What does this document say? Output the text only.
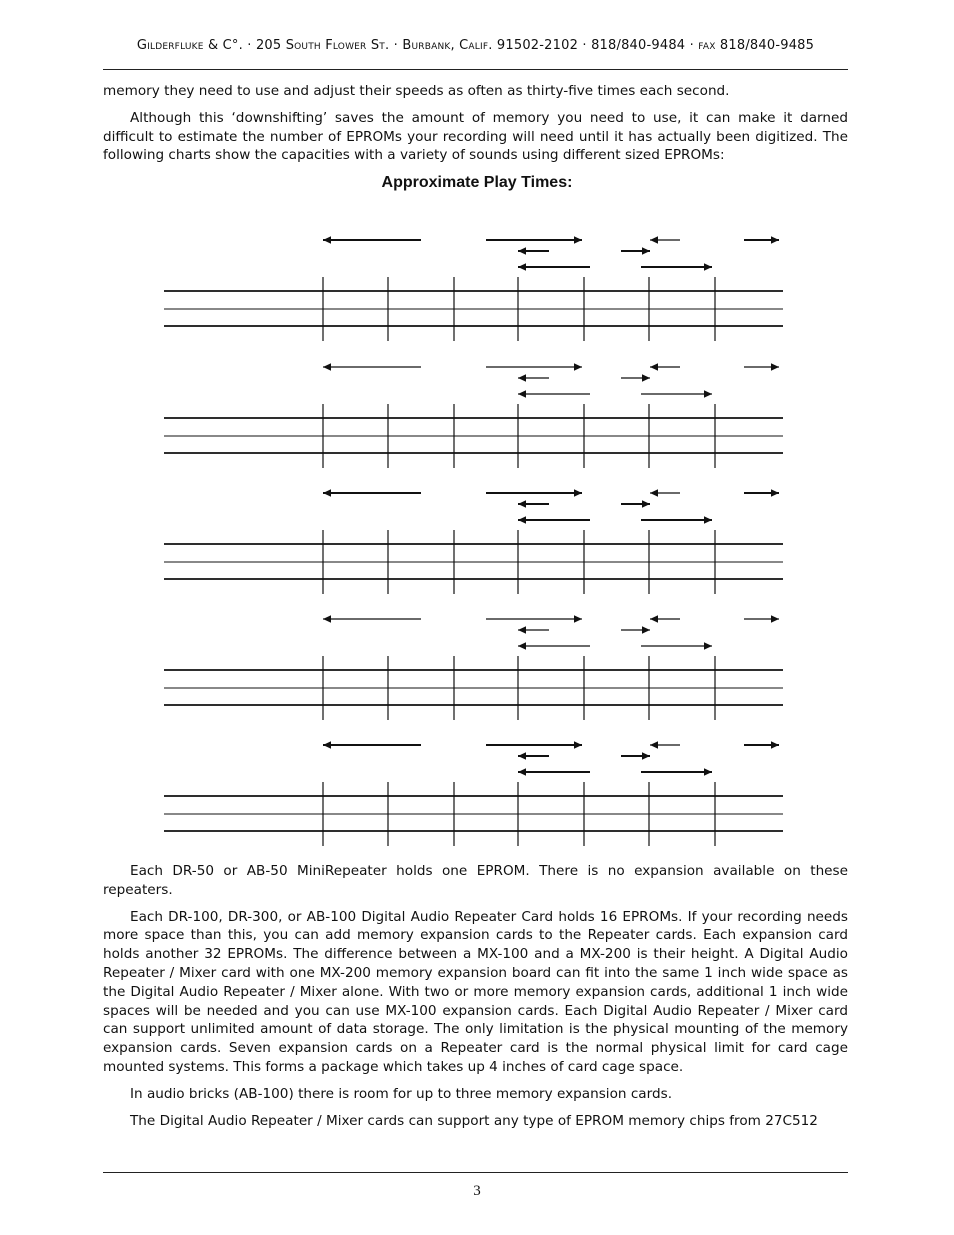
Gilderfluke & C°. · 205 South Flower St. · Burbank, Calif. 91502-2102 · 818/840-9484 · fax 818/840-9485

memory they need to use and adjust their speeds as often as thirty-five times each second.

Although this ‘downshifting’ saves the amount of memory you need to use, it can make it darned difficult to estimate the number of EPROMs your recording will need until it has actually been digitized. The following charts show the capacities with a variety of sounds using different sized EPROMs:

Approximate Play Times:

Each DR-50 or AB-50 MiniRepeater holds one EPROM. There is no expansion available on these repeaters.

Each DR-100, DR-300, or AB-100 Digital Audio Repeater Card holds 16 EPROMs. If your recording needs more space than this, you can add memory expansion cards to the Repeater cards. Each expansion card holds another 32 EPROMs. The difference between a MX-100 and a MX-200 is their height. A Digital Audio Repeater / Mixer card with one MX-200 memory expansion board can fit into the same 1 inch wide space as the Digital Audio Repeater / Mixer alone. With two or more memory expansion cards, additional 1 inch wide spaces will be needed and you can use MX-100 expansion cards. Each Digital Audio Repeater / Mixer card can support unlimited amount of data storage. The only limitation is the physical mounting of the memory expansion cards. Seven expansion cards on a Repeater card is the normal physical limit for card cage mounted systems. This forms a package which takes up 4 inches of card cage space.

In audio bricks (AB-100) there is room for up to three memory expansion cards.

The Digital Audio Repeater / Mixer cards can support any type of EPROM memory chips from 27C512

3
